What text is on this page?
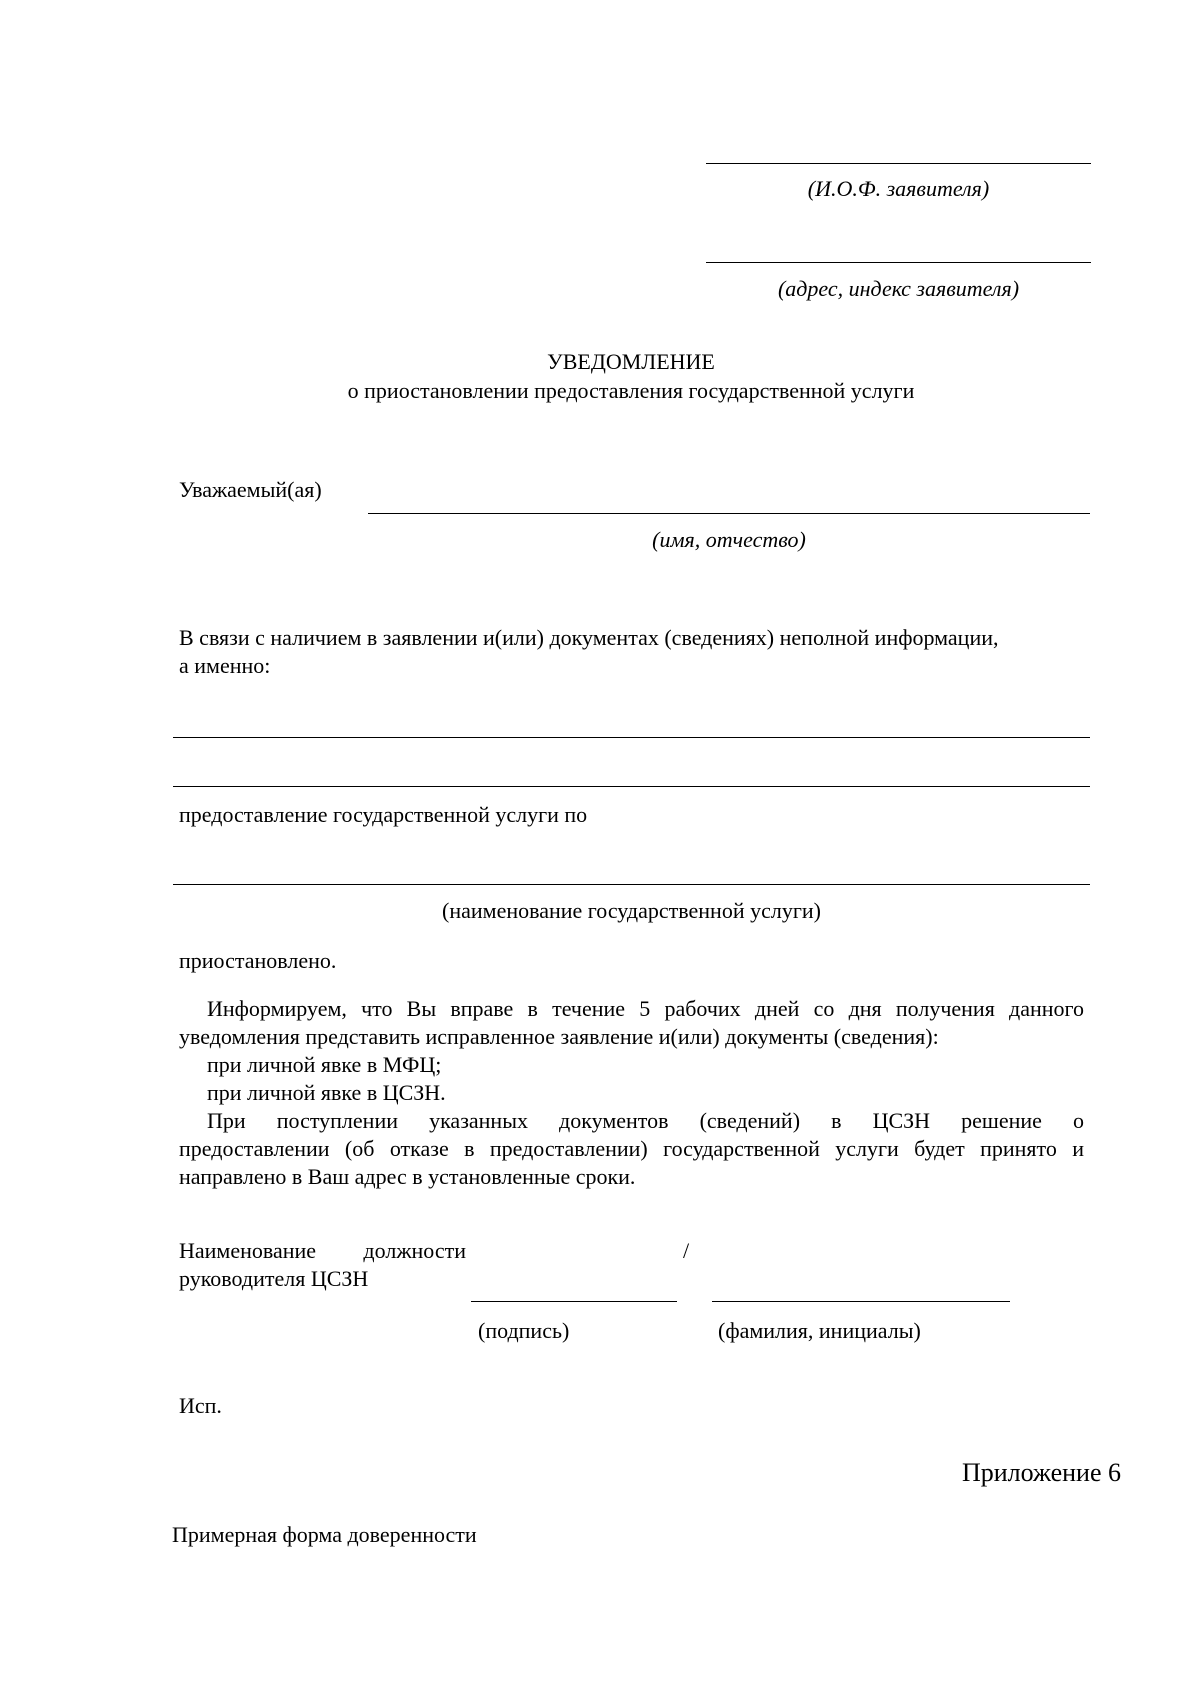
(И.О.Ф. заявителя)
(адрес, индекс заявителя)
УВЕДОМЛЕНИЕ
о приостановлении предоставления государственной услуги
Уважаемый(ая)
(имя, отчество)
В связи с наличием в заявлении и(или) документах (сведениях) неполной информации,
а именно:
предоставление государственной услуги по
(наименование государственной услуги)
приостановлено.
Информируем, что Вы вправе в течение 5 рабочих дней со дня получения данного
уведомления представить исправленное заявление и(или) документы (сведения):
при личной явке в МФЦ;
при личной явке в ЦСЗН.
При поступлении указанных документов (сведений) в ЦСЗН решение о
предоставлении (об отказе в предоставлении) государственной услуги будет принято и
направлено в Ваш адрес в установленные сроки.
Наименование должности
руководителя ЦСЗН
/
(подпись)	(фамилия, инициалы)
Исп.
Приложение 6
Примерная форма доверенности
